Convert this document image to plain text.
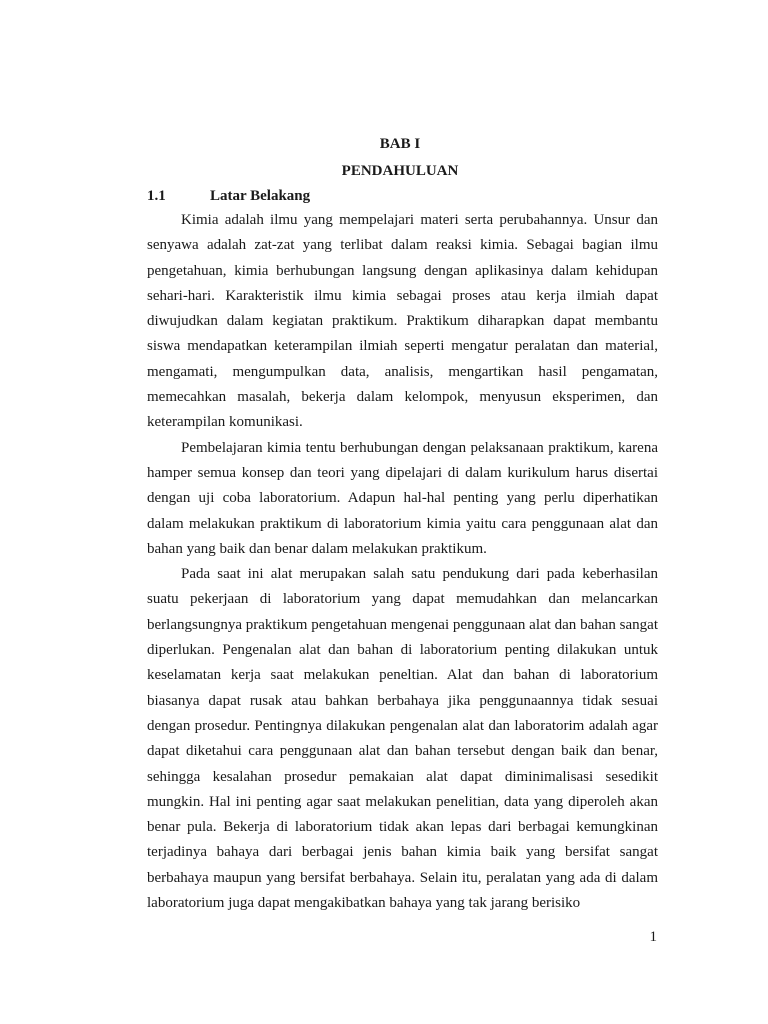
BAB I
PENDAHULUAN
1.1	Latar Belakang

Kimia adalah ilmu yang mempelajari materi serta perubahannya. Unsur dan senyawa adalah zat-zat yang terlibat dalam reaksi kimia. Sebagai bagian ilmu pengetahuan, kimia berhubungan langsung dengan aplikasinya dalam kehidupan sehari-hari. Karakteristik ilmu kimia sebagai proses atau kerja ilmiah dapat diwujudkan dalam kegiatan praktikum. Praktikum diharapkan dapat membantu siswa mendapatkan keterampilan ilmiah seperti mengatur peralatan dan material, mengamati, mengumpulkan data, analisis, mengartikan hasil pengamatan, memecahkan masalah, bekerja dalam kelompok, menyusun eksperimen, dan keterampilan komunikasi.

Pembelajaran kimia tentu berhubungan dengan pelaksanaan praktikum, karena hamper semua konsep dan teori yang dipelajari di dalam kurikulum harus disertai dengan uji coba laboratorium. Adapun hal-hal penting yang perlu diperhatikan dalam melakukan praktikum di laboratorium kimia yaitu cara penggunaan alat dan bahan yang baik dan benar dalam melakukan praktikum.

Pada saat ini alat merupakan salah satu pendukung dari pada keberhasilan suatu pekerjaan di laboratorium yang dapat memudahkan dan melancarkan berlangsungnya praktikum pengetahuan mengenai penggunaan alat dan bahan sangat diperlukan. Pengenalan alat dan bahan di laboratorium penting dilakukan untuk keselamatan kerja saat melakukan peneltian. Alat dan bahan di laboratorium biasanya dapat rusak atau bahkan berbahaya jika penggunaannya tidak sesuai dengan prosedur. Pentingnya dilakukan pengenalan alat dan laboratorim adalah agar dapat diketahui cara penggunaan alat dan bahan tersebut dengan baik dan benar, sehingga kesalahan prosedur pemakaian alat dapat diminimalisasi sesedikit mungkin. Hal ini penting agar saat melakukan penelitian, data yang diperoleh akan benar pula. Bekerja di laboratorium tidak akan lepas dari berbagai kemungkinan terjadinya bahaya dari berbagai jenis bahan kimia baik yang bersifat sangat berbahaya maupun yang bersifat berbahaya. Selain itu, peralatan yang ada di dalam laboratorium juga dapat mengakibatkan bahaya yang tak jarang berisiko

1
